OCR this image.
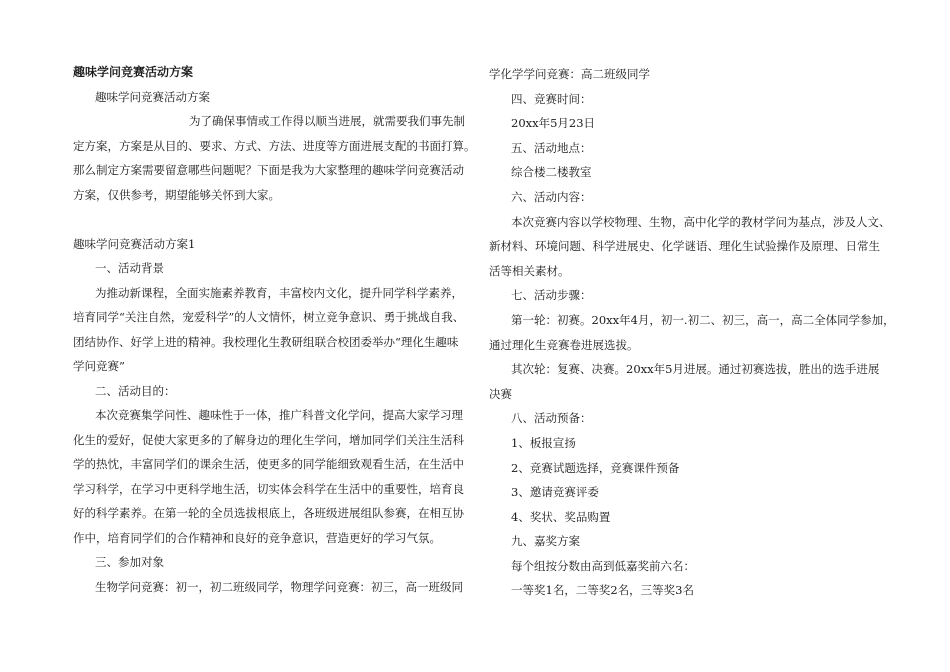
趣味学问竞赛活动方案
趣味学问竞赛活动方案
为了确保事情或工作得以顺当进展，就需要我们事先制
定方案，方案是从目的、要求、方式、方法、进度等方面进展支配的书面打算。
那么制定方案需要留意哪些问题呢？下面是我为大家整理的趣味学问竞赛活动
方案，仅供参考，期望能够关怀到大家。
趣味学问竞赛活动方案1
一、活动背景
为推动新课程，全面实施素养教育，丰富校内文化，提升同学科学素养，
培育同学“关注自然，宠爱科学”的人文情怀，树立竞争意识、勇于挑战自我、
团结协作、好学上进的精神。我校理化生教研组联合校团委举办“理化生趣味
学问竞赛”
二、活动目的：
本次竞赛集学问性、趣味性于一体，推广科普文化学问，提高大家学习理
化生的爱好，促使大家更多的了解身边的理化生学问，增加同学们关注生活科
学的热忱，丰富同学们的课余生活，使更多的同学能细致观看生活，在生活中
学习科学，在学习中更科学地生活，切实体会科学在生活中的重要性，培育良
好的科学素养。在第一轮的全员选拔根底上，各班级进展组队参赛，在相互协
作中，培育同学们的合作精神和良好的竞争意识，营造更好的学习气氛。
三、参加对象
生物学问竞赛：初一，初二班级同学，物理学问竞赛：初三，高一班级同
学化学学问竞赛：高二班级同学
四、竞赛时间：
20xx年5月23日
五、活动地点：
综合楼二楼教室
六、活动内容：
本次竞赛内容以学校物理、生物，高中化学的教材学问为基点，涉及人文、
新材料、环境问题、科学进展史、化学谜语、理化生试验操作及原理、日常生
活等相关素材。
七、活动步骤：
第一轮：初赛。20xx年4月，初一.初二、初三，高一，高二全体同学参加，
通过理化生竞赛卷进展选拔。
其次轮：复赛、决赛。20xx年5月进展。通过初赛选拔，胜出的选手进展
决赛
八、活动预备：
1、板报宣扬
2、竞赛试题选择，竞赛课件预备
3、邀请竞赛评委
4、奖状、奖品购置
九、嘉奖方案
每个组按分数由高到低嘉奖前六名：
一等奖1名，二等奖2名，三等奖3名
